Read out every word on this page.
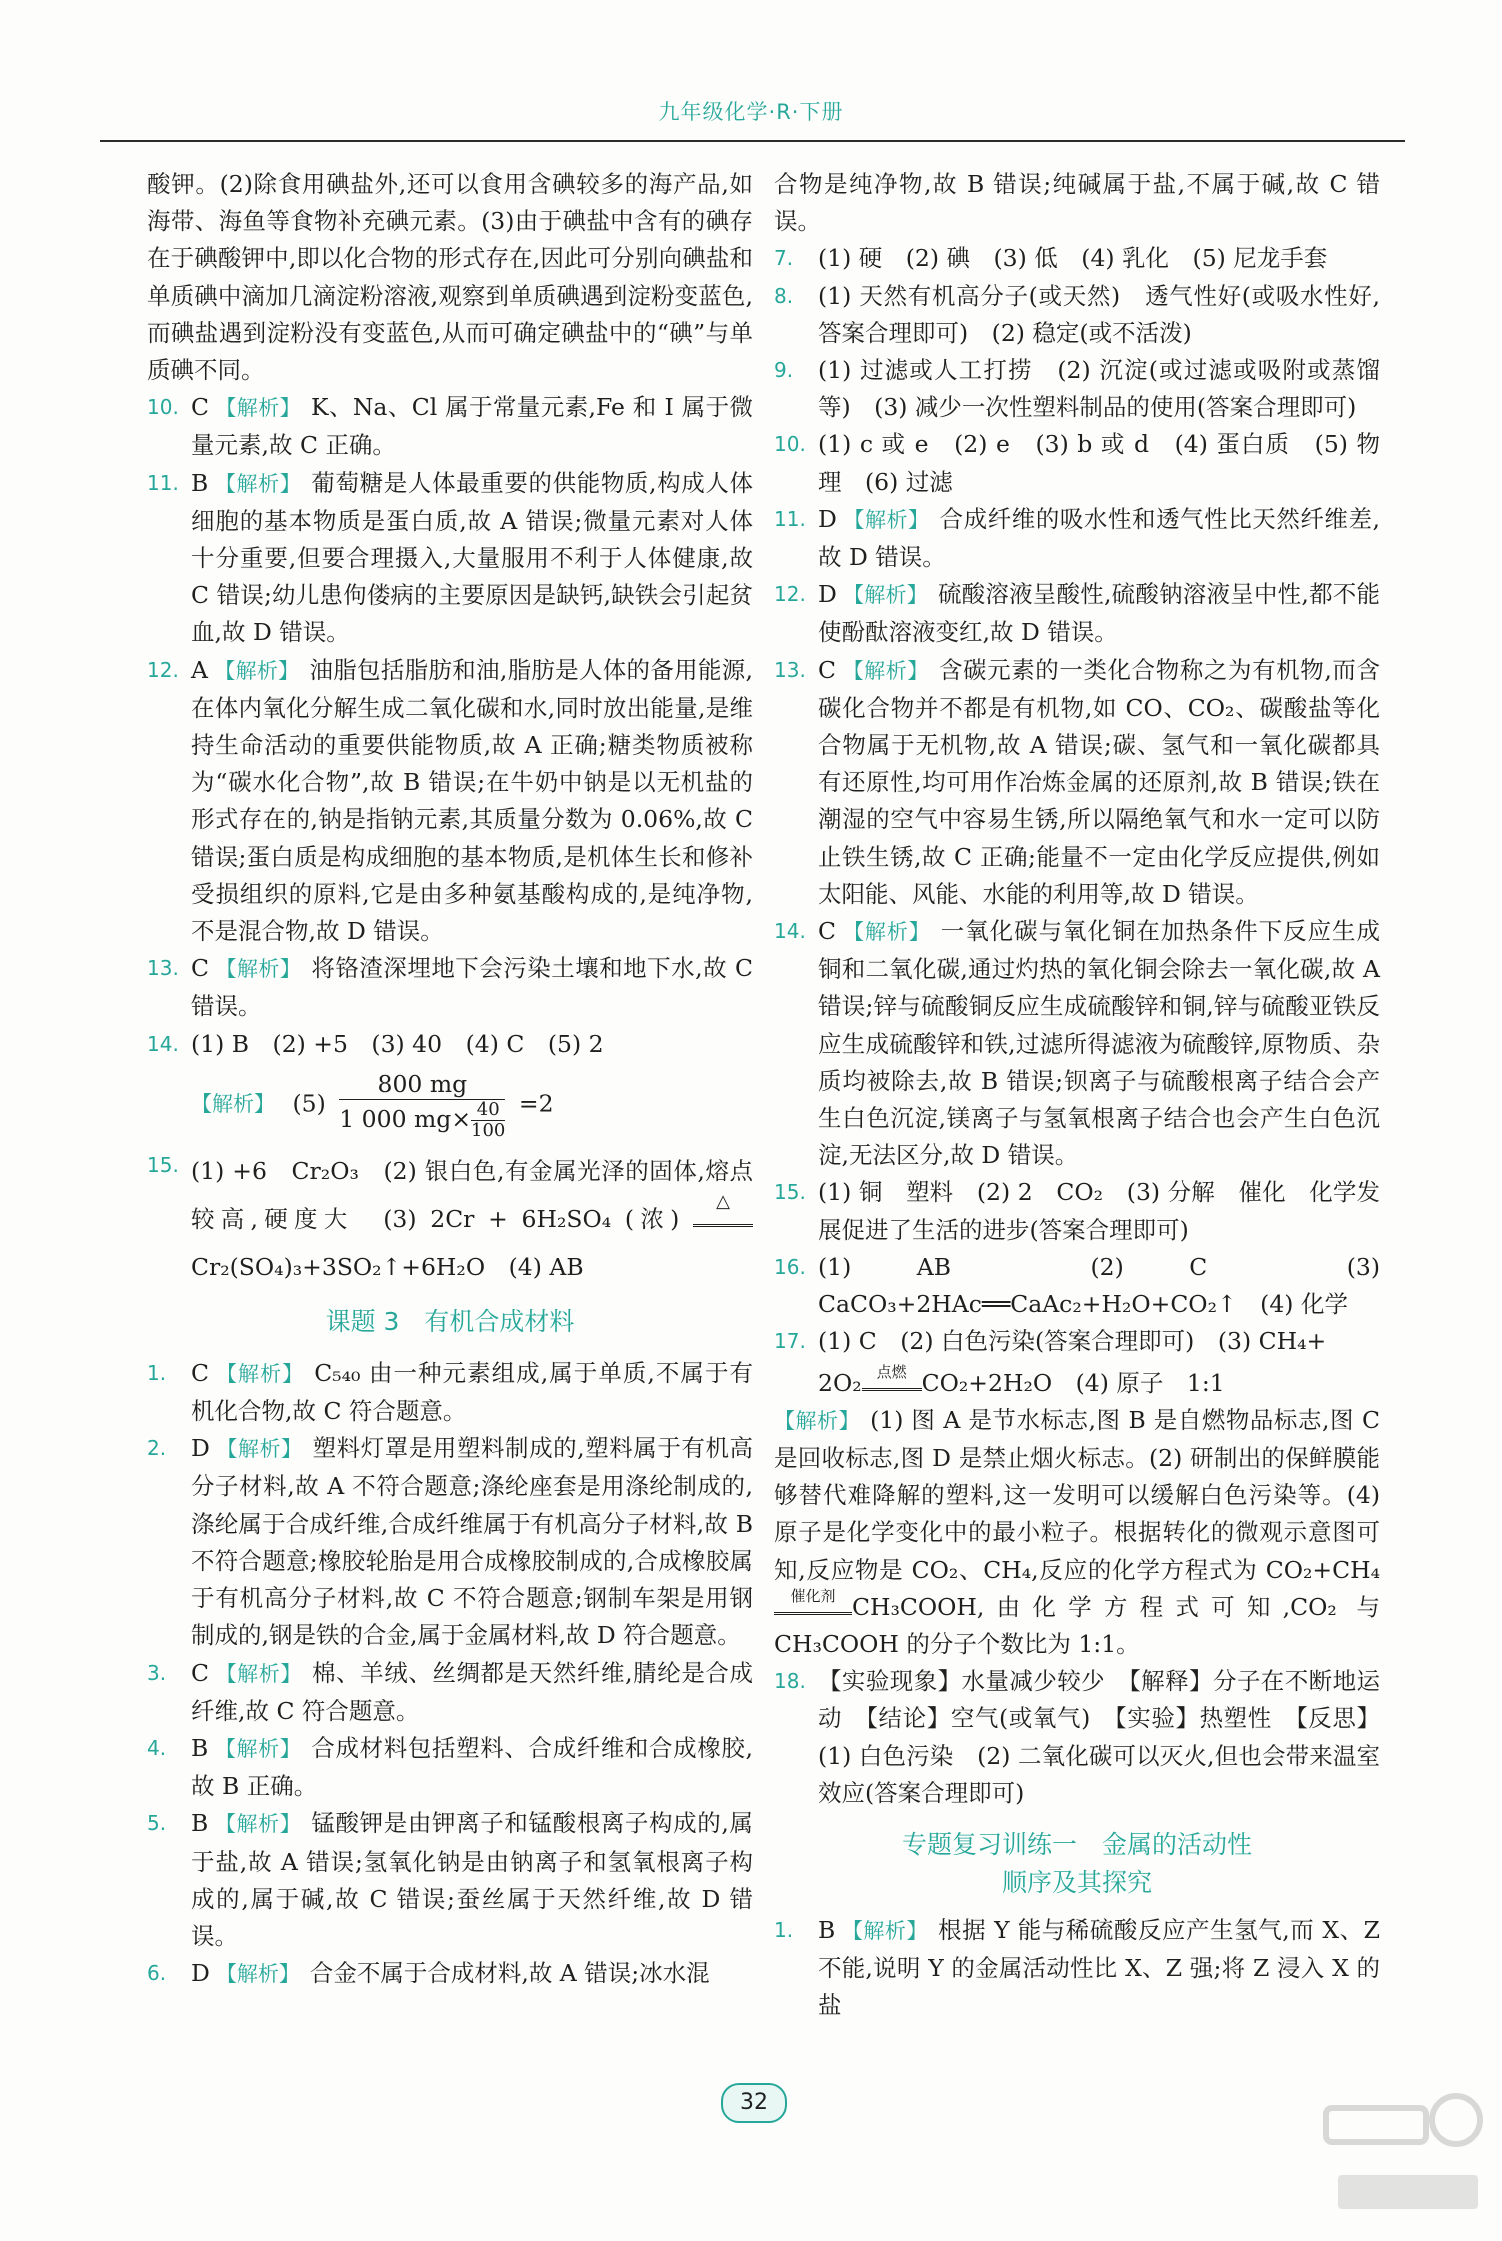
九年级化学·R·下册

酸钾。(2)除食用碘盐外,还可以食用含碘较多的海产品,如海带、海鱼等食物补充碘元素。(3)由于碘盐中含有的碘存在于碘酸钾中,即以化合物的形式存在,因此可分别向碘盐和单质碘中滴加几滴淀粉溶液,观察到单质碘遇到淀粉变蓝色,而碘盐遇到淀粉没有变蓝色,从而可确定碘盐中的“碘”与单质碘不同。

10. C 【解析】 K、Na、Cl 属于常量元素,Fe 和 I 属于微量元素,故 C 正确。
11. B 【解析】 葡萄糖是人体最重要的供能物质,构成人体细胞的基本物质是蛋白质,故 A 错误;微量元素对人体十分重要,但要合理摄入,大量服用不利于人体健康,故 C 错误;幼儿患佝偻病的主要原因是缺钙,缺铁会引起贫血,故 D 错误。
12. A 【解析】 油脂包括脂肪和油,脂肪是人体的备用能源,在体内氧化分解生成二氧化碳和水,同时放出能量,是维持生命活动的重要供能物质,故 A 正确;糖类物质被称为“碳水化合物”,故 B 错误;在牛奶中钠是以无机盐的形式存在的,钠是指钠元素,其质量分数为 0.06%,故 C 错误;蛋白质是构成细胞的基本物质,是机体生长和修补受损组织的原料,它是由多种氨基酸构成的,是纯净物,不是混合物,故 D 错误。
13. C 【解析】 将铬渣深埋地下会污染土壤和地下水,故 C 错误。
14. (1) B　(2) +5　(3) 40　(4) C　(5) 2
【解析】 $(5) \frac{800 mg}{1 000 mg\times \frac{40}{100}} =2$
15. (1) +6　Cr₂O₃　(2) 银白色,有金属光泽的固体,熔点较高,硬度大　(3) 2Cr + 6H₂SO₄ (浓)
△
Cr₂(SO₄)₃+3SO₂↑+6H₂O　(4) AB
课题 3　有机合成材料
1.	C 【解析】 C₅₄₀ 由一种元素组成,属于单质,不属于有机化合物,故 C 符合题意。
2.	D 【解析】 塑料灯罩是用塑料制成的,塑料属于有机高分子材料,故 A 不符合题意;涤纶座套是用涤纶制成的,涤纶属于合成纤维,合成纤维属于有机高分子材料,故 B 不符合题意;橡胶轮胎是用合成橡胶制成的,合成橡胶属于有机高分子材料,故 C 不符合题意;钢制车架是用钢制成的,钢是铁的合金,属于金属材料,故 D 符合题意。
3.	C 【解析】 棉、羊绒、丝绸都是天然纤维,腈纶是合成纤维,故 C 符合题意。
4.	B 【解析】 合成材料包括塑料、合成纤维和合成橡胶,故 B 正确。
5.	B 【解析】 锰酸钾是由钾离子和锰酸根离子构成的,属于盐,故 A 错误;氢氧化钠是由钠离子和氢氧根离子构成的,属于碱,故 C 错误;蚕丝属于天然纤维,故 D 错误。
6.	D 【解析】 合金不属于合成材料,故 A 错误;冰水混

合物是纯净物,故 B 错误;纯碱属于盐,不属于碱,故 C 错误。

7.	(1) 硬　(2) 碘　(3) 低　(4) 乳化　(5) 尼龙手套
8.	(1) 天然有机高分子(或天然)　透气性好(或吸水性好,答案合理即可)　(2) 稳定(或不活泼)
9.	(1) 过滤或人工打捞　(2) 沉淀(或过滤或吸附或蒸馏等)　(3) 减少一次性塑料制品的使用(答案合理即可)
10. (1) c 或 e　(2) e　(3) b 或 d　(4) 蛋白质　(5) 物理　(6) 过滤
11. D 【解析】 合成纤维的吸水性和透气性比天然纤维差,故 D 错误。
12. D 【解析】 硫酸溶液呈酸性,硫酸钠溶液呈中性,都不能使酚酞溶液变红,故 D 错误。
13. C 【解析】 含碳元素的一类化合物称之为有机物,而含碳化合物并不都是有机物,如 CO、CO₂、碳酸盐等化合物属于无机物,故 A 错误;碳、氢气和一氧化碳都具有还原性,均可用作冶炼金属的还原剂,故 B 错误;铁在潮湿的空气中容易生锈,所以隔绝氧气和水一定可以防止铁生锈,故 C 正确;能量不一定由化学反应提供,例如太阳能、风能、水能的利用等,故 D 错误。
14. C 【解析】 一氧化碳与氧化铜在加热条件下反应生成铜和二氧化碳,通过灼热的氧化铜会除去一氧化碳,故 A 错误;锌与硫酸铜反应生成硫酸锌和铜,锌与硫酸亚铁反应生成硫酸锌和铁,过滤所得滤液为硫酸锌,原物质、杂质均被除去,故 B 错误;钡离子与硫酸根离子结合会产生白色沉淀,镁离子与氢氧根离子结合也会产生白色沉淀,无法区分,故 D 错误。
15. (1) 铜　塑料　(2) 2　CO₂　(3) 分解　催化　化学发展促进了生活的进步(答案合理即可)
16. (1) AB　(2) C　(3) CaCO₃+2HAc══CaAc₂+H₂O+CO₂↑　(4) 化学
17. (1) C　(2) 白色污染(答案合理即可)　(3) CH₄+
2O₂ 点燃 CO₂+2H₂O　(4) 原子　1:1
【解析】 (1) 图 A 是节水标志,图 B 是自燃物品标志,图 C 是回收标志,图 D 是禁止烟火标志。(2) 研制出的保鲜膜能够替代难降解的塑料,这一发明可以缓解白色污染等。(4) 原子是化学变化中的最小粒子。根据转化的微观示意图可知,反应物是 CO₂、CH₄,反应的化学方程式为 CO₂+CH₄
催化剂 CH₃COOH,由化学方程式可知,CO₂ 与 CH₃COOH 的分子个数比为 1:1。
18. 【实验现象】水量减少较少　【解释】分子在不断地运动　【结论】空气(或氧气)　【实验】热塑性　【反思】(1) 白色污染　(2) 二氧化碳可以灭火,但也会带来温室效应(答案合理即可)
专题复习训练一　金属的活动性
顺序及其探究
1.	B 【解析】 根据 Y 能与稀硫酸反应产生氢气,而 X、Z 不能,说明 Y 的金属活动性比 X、Z 强;将 Z 浸入 X 的盐
32
